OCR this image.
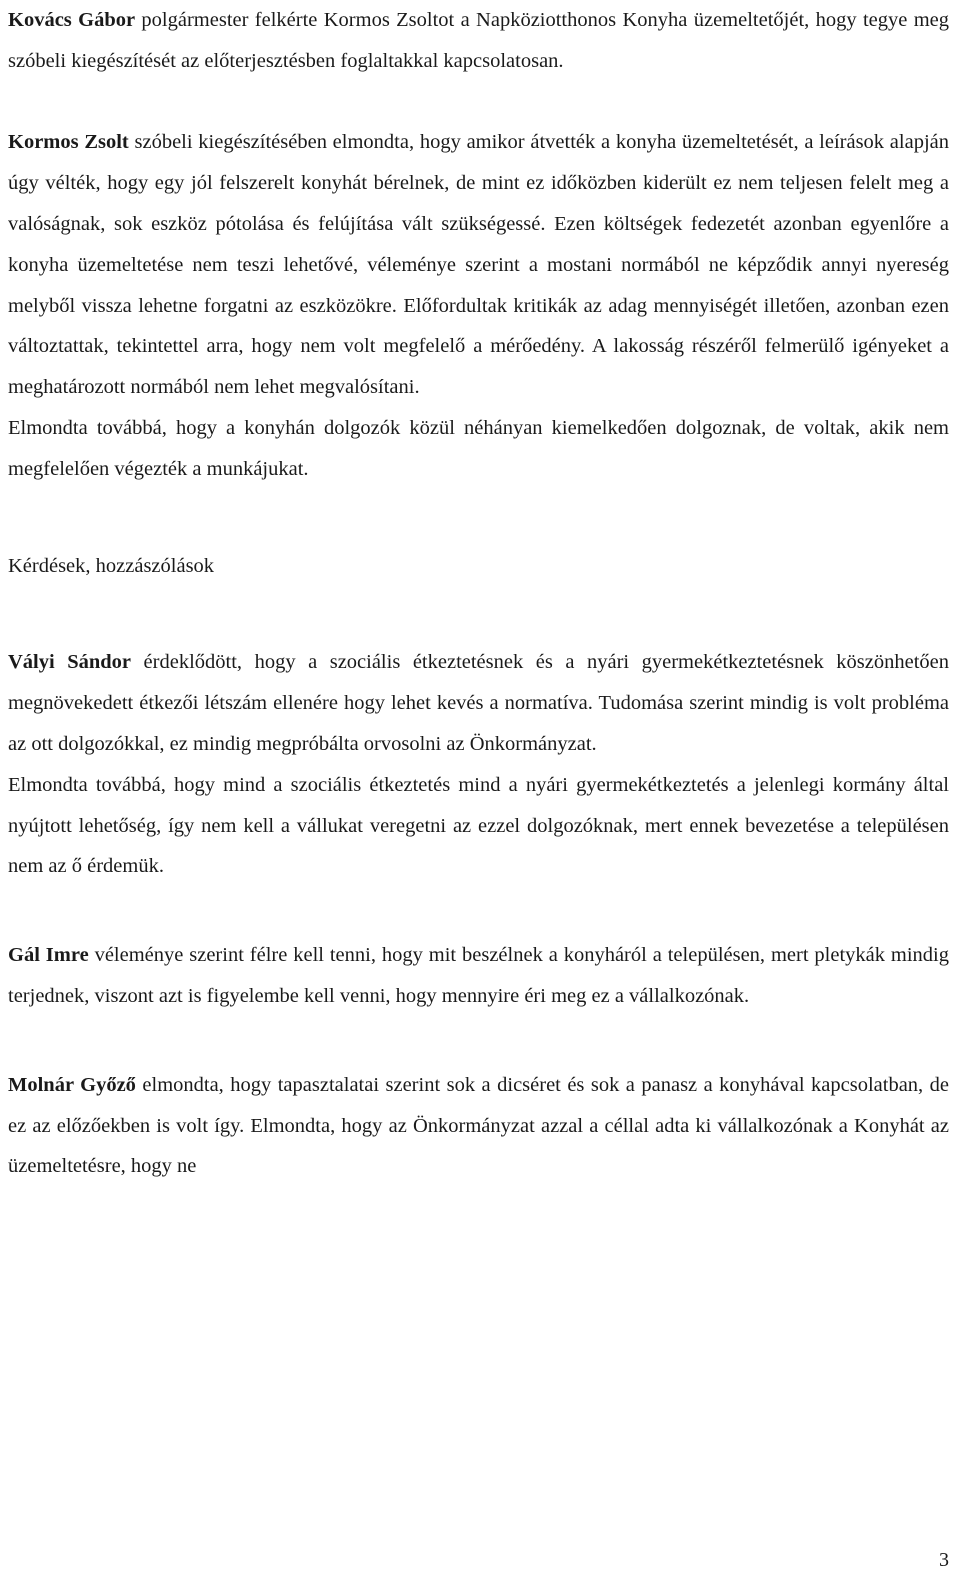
Kovács Gábor polgármester felkérte Kormos Zsoltot a Napköziotthonos Konyha üzemeltetőjét, hogy tegye meg szóbeli kiegészítését az előterjesztésben foglaltakkal kapcsolatosan.

Kormos Zsolt szóbeli kiegészítésében elmondta, hogy amikor átvették a konyha üzemeltetését, a leírások alapján úgy vélték, hogy egy jól felszerelt konyhát bérelnek, de mint ez időközben kiderült ez nem teljesen felelt meg a valóságnak, sok eszköz pótolása és felújítása vált szükségessé. Ezen költségek fedezetét azonban egyenlőre a konyha üzemeltetése nem teszi lehetővé, véleménye szerint a mostani normából ne képződik annyi nyereség melyből vissza lehetne forgatni az eszközökre. Előfordultak kritikák az adag mennyiségét illetően, azonban ezen változtattak, tekintettel arra, hogy nem volt megfelelő a mérőedény. A lakosság részéről felmerülő igényeket a meghatározott normából nem lehet megvalósítani.

Elmondta továbbá, hogy a konyhán dolgozók közül néhányan kiemelkedően dolgoznak, de voltak, akik nem megfelelően végezték a munkájukat.

Kérdések, hozzászólások

Vályi Sándor érdeklődött, hogy a szociális étkeztetésnek és a nyári gyermekétkeztetésnek köszönhetően megnövekedett étkezői létszám ellenére hogy lehet kevés a normatíva. Tudomása szerint mindig is volt probléma az ott dolgozókkal, ez mindig megpróbálta orvosolni az Önkormányzat.

Elmondta továbbá, hogy mind a szociális étkeztetés mind a nyári gyermekétkeztetés a jelenlegi kormány által nyújtott lehetőség, így nem kell a vállukat veregetni az ezzel dolgozóknak, mert ennek bevezetése a településen nem az ő érdemük.

Gál Imre véleménye szerint félre kell tenni, hogy mit beszélnek a konyháról a településen, mert pletykák mindig terjednek, viszont azt is figyelembe kell venni, hogy mennyire éri meg ez a vállalkozónak.

Molnár Győző elmondta, hogy tapasztalatai szerint sok a dicséret és sok a panasz a konyhával kapcsolatban, de ez az előzőekben is volt így. Elmondta, hogy az Önkormányzat azzal a céllal adta ki vállalkozónak a Konyhát az üzemeltetésre, hogy ne

3
